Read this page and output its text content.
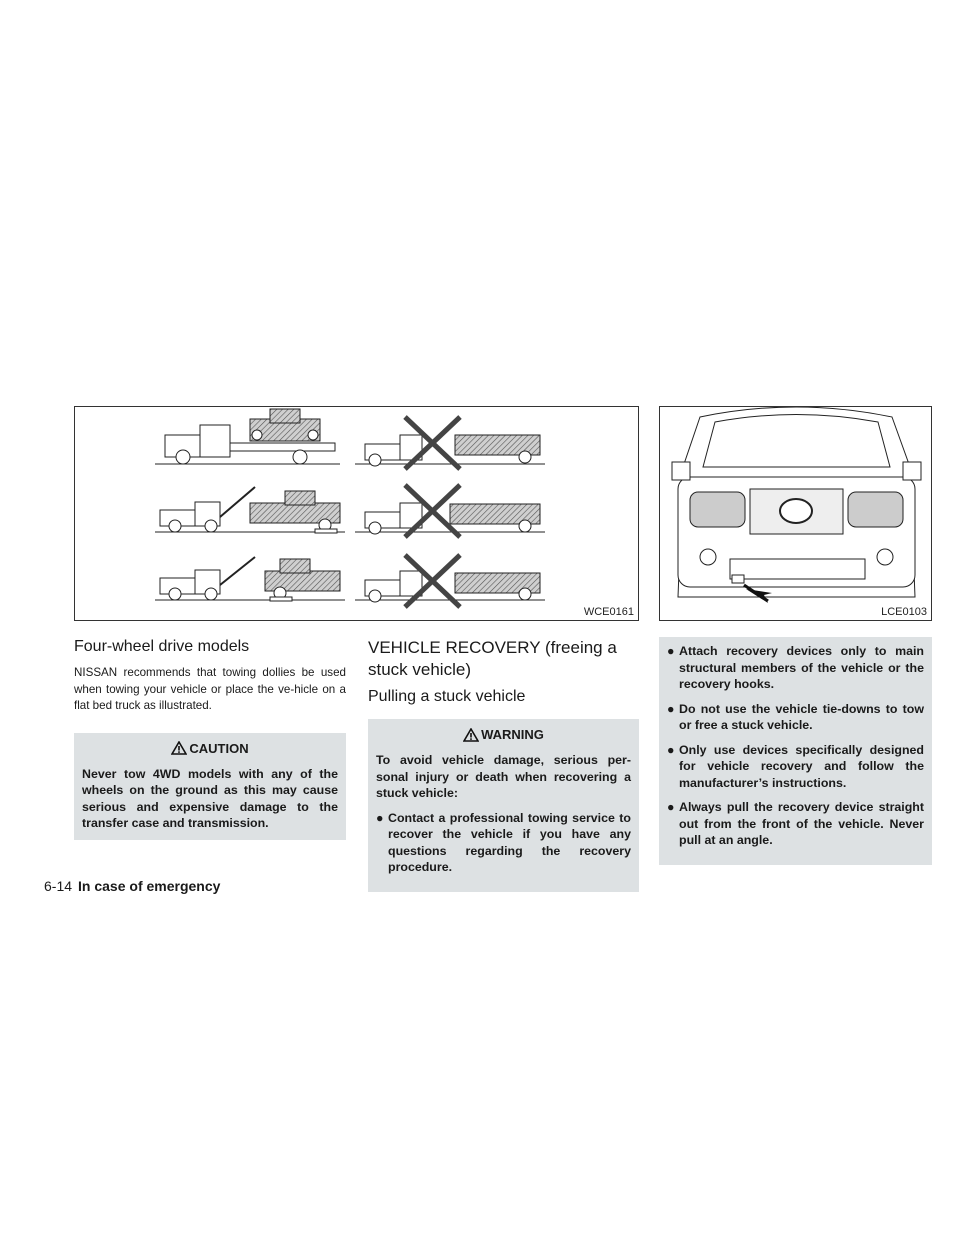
WCE0161	LCE0103
Four-wheel drive models

NISSAN recommends that towing dollies be used when towing your vehicle or place the ve-hicle on a flat bed truck as illustrated.

CAUTION

Never tow 4WD models with any of the wheels on the ground as this may cause serious and expensive damage to the transfer case and transmission.

VEHICLE RECOVERY (freeing a stuck vehicle)
Pulling a stuck vehicle
WARNING

To avoid vehicle damage, serious per-sonal injury or death when recovering a stuck vehicle:

● Contact a professional towing service to recover the vehicle if you have any questions regarding the recovery procedure.
● Attach recovery devices only to main structural members of the vehicle or the recovery hooks.
● Do not use the vehicle tie-downs to tow or free a stuck vehicle.
● Only use devices specifically designed for vehicle recovery and follow the manufacturer’s instructions.
● Always pull the recovery device straight out from the front of the vehicle. Never pull at an angle.
6-14 In case of emergency
